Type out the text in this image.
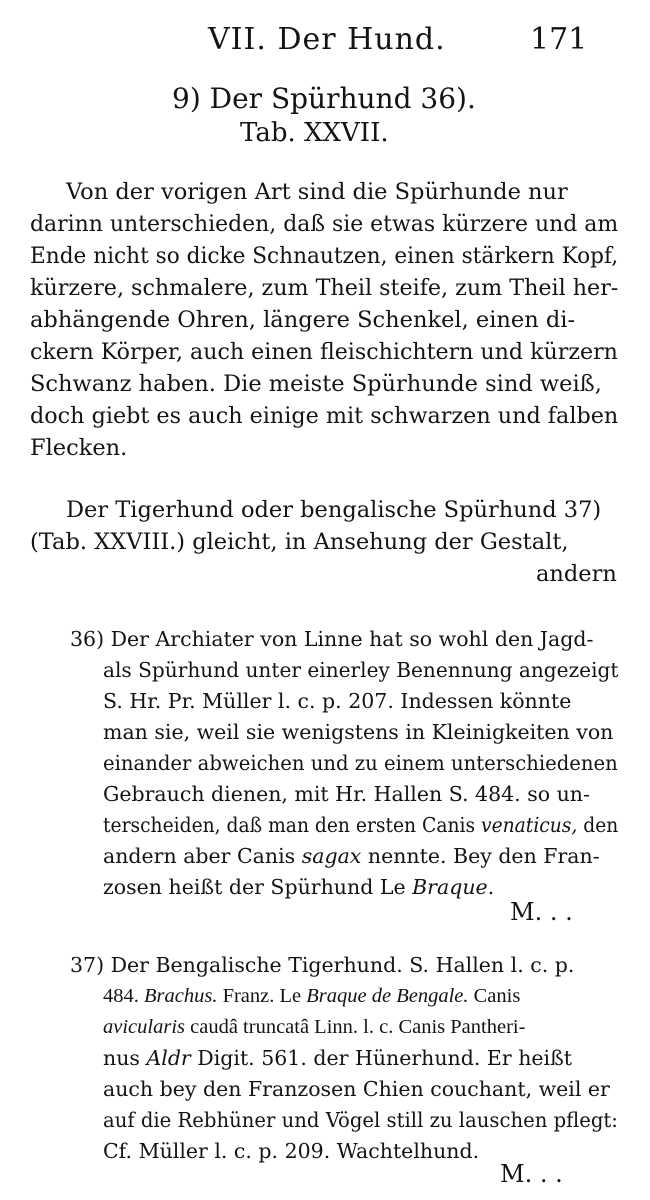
VII. Der Hund.	171
9) Der Spürhund 36).
Tab. XXVII.
Von der vorigen Art sind die Spürhunde nur
darinn unterschieden, daß sie etwas kürzere und am
Ende nicht so dicke Schnautzen, einen stärkern Kopf,
kürzere, schmalere, zum Theil steife, zum Theil her-
abhängende Ohren, längere Schenkel, einen di-
ckern Körper, auch einen fleischichtern und kürzern
Schwanz haben. Die meiste Spürhunde sind weiß,
doch giebt es auch einige mit schwarzen und falben
Flecken.
Der Tigerhund oder bengalische Spürhund 37)
(Tab. XXVIII.) gleicht, in Ansehung der Gestalt,
andern
36) Der Archiater von Linne hat so wohl den Jagd-
als Spürhund unter einerley Benennung angezeigt
S. Hr. Pr. Müller l. c. p. 207. Indessen könnte
man sie, weil sie wenigstens in Kleinigkeiten von
einander abweichen und zu einem unterschiedenen
Gebrauch dienen, mit Hr. Hallen S. 484. so un-
terscheiden, daß man den ersten Canis venaticus, den
andern aber Canis sagax nennte. Bey den Fran-
zosen heißt der Spürhund Le Braque.
M. . .
37) Der Bengalische Tigerhund. S. Hallen l. c. p.
484. Brachus. Franz. Le Braque de Bengale. Canis
avicularis caudâ truncatâ Linn. l. c. Canis Pantheri-
nus Aldr Digit. 561. der Hünerhund. Er heißt
auch bey den Franzosen Chien couchant, weil er
auf die Rebhüner und Vögel still zu lauschen pflegt:
Cf. Müller l. c. p. 209. Wachtelhund.
M. . .
